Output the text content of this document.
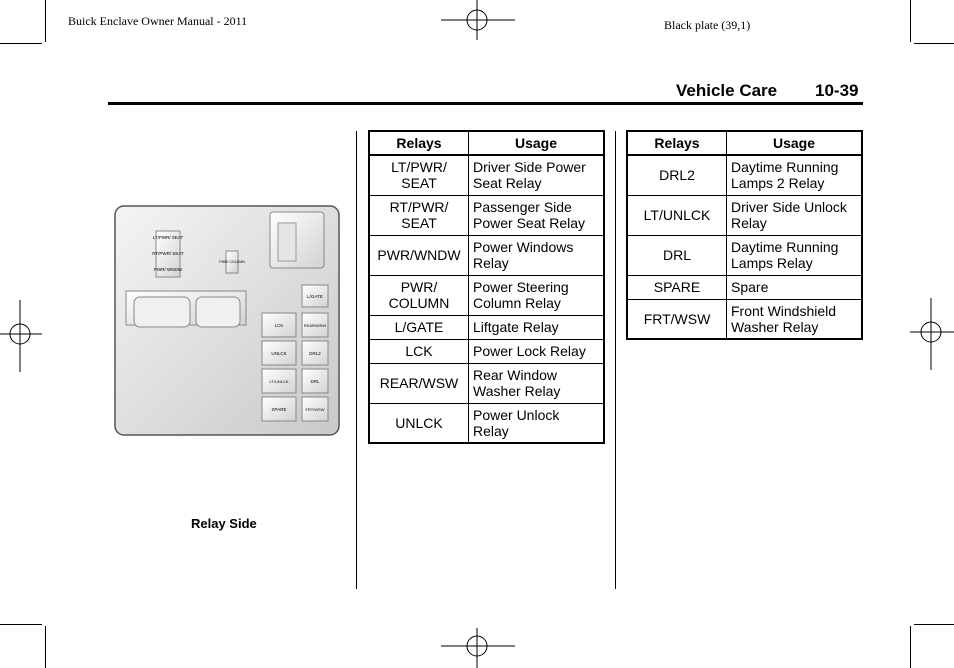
Buick Enclave Owner Manual - 2011	Black plate (39,1)
Vehicle Care 10-39
LT/PWR/ SEAT
RT/PWR/ SEAT
PWR/ WNDW
L/GATE
LCK	REAR/WSW
UNLCK	DRL2
LT/UNLCK	DRL
SPARE	FRT/WSW
PWR/ COLUMN
Relay Side
Relays	Usage
LT/PWR/ SEAT	Driver Side Power Seat Relay
RT/PWR/ SEAT	Passenger Side Power Seat Relay
PWR/WNDW	Power Windows Relay
PWR/ COLUMN	Power Steering Column Relay
L/GATE	Liftgate Relay
LCK	Power Lock Relay
REAR/WSW	Rear Window Washer Relay
UNLCK	Power Unlock Relay
Relays	Usage
DRL2	Daytime Running Lamps 2 Relay
LT/UNLCK	Driver Side Unlock Relay
DRL	Daytime Running Lamps Relay
SPARE	Spare
FRT/WSW	Front Windshield Washer Relay
